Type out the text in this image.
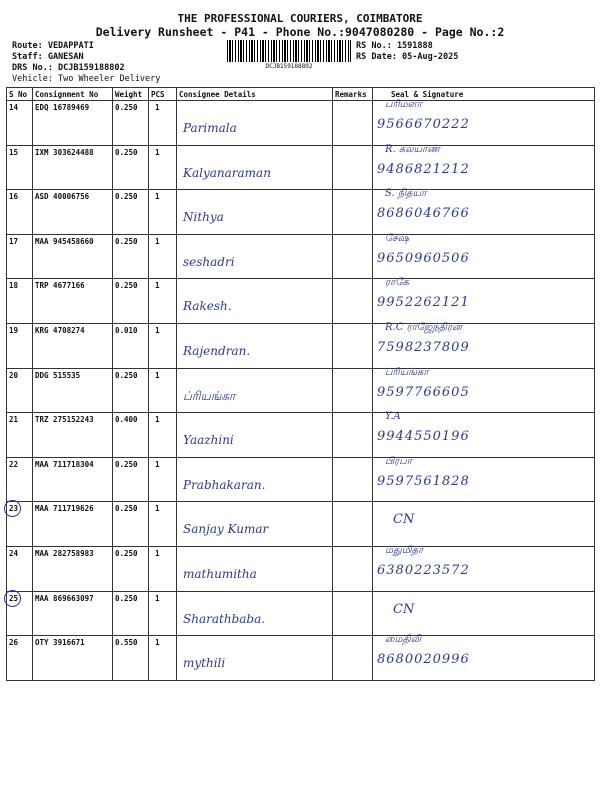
THE PROFESSIONAL COURIERS, COIMBATORE
Delivery Runsheet - P41 - Phone No.:9047080280 - Page No.:2
Route: VEDAPPATI
Staff: GANESAN
DRS No.: DCJB159188802
Vehicle: Two Wheeler Delivery
DCJB159188802
RS No.: 1591888
RS Date: 05-Aug-2025
S No	Consignment No	Weight	PCS	Consignee Details	Remarks	Seal & Signature
14	EDQ 16789469	0.250	1	Parimala		பரிமளா
9566670222

15	IXM 303624488	0.250	1	Kalyanaraman		R. கல்யாண்
9486821212

16	ASD 40006756	0.250	1	Nithya		S. நித்யா
8686046766

17	MAA 945458660	0.250	1	seshadri		சேஷ
9650960506

18	TRP 4677166	0.250	1	Rakesh.		ராகே
9952262121

19	KRG 4708274	0.010	1	Rajendran.		R.C ராஜேந்திரன்
7598237809

20	DDG 515535	0.250	1	ப்ரியங்கா		ப்ரியங்கா
9597766605

21	TRZ 275152243	0.400	1	Yaazhini		Y.A
9944550196

22	MAA 711718304	0.250	1	Prabhakaran.		பிரபா
9597561828

23	MAA 711719626	0.250	1	Sanjay Kumar		CN

24	MAA 282758983	0.250	1	mathumitha		மதுமிதா
6380223572

25	MAA 869663097	0.250	1	Sharathbaba.		CN

26	OTY 3916671	0.550	1	mythili		மைதிலி
8680020996
